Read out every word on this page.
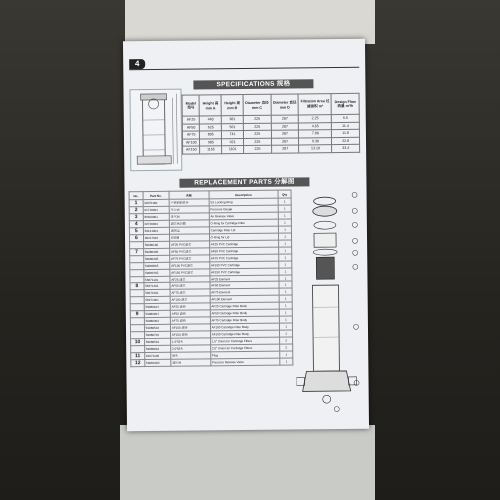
4
SPECIFICATIONS 规格
Model 型号	Height 高 mm A	Height 高 mm B	Diameter 直径 mm C	Diameter 直径 mm D	Filtration Area 过滤面积 m²	Design Flow 流量 m³/h
AF25	440	381	225	287	2.25	5.5
AF50	625	561	225	287	4.65	11.4
AF75	805	741	225	287	7.00	11.8
AF100	985	921	225	287	9.30	22.8
AF150	1165	1101	225	287	13.10	33.4
REPLACEMENT PARTS 分解图
No.	Part No.	名称	Description	Qty
1	59071001	不锈钢锁紧环	SS Locking Ring	1
2	01710004	压力表	Pressure Gauge	1
3	80810001	排气阀	Air Release Valve	1
4	02720004	滤芯密封圈	O-Ring for Cartridge Filter	1
5	59121001	滤筒盖	Cartridge Filter Lid	1
6	00217004	O型圈	O-Ring for Lid	1
	59080105	AF25 PVC滤芯	AF25 PVC Cartridge	1
7	59080305	AF50 PVC滤芯	AF50 PVC Cartridge	1
	59080405	AF75 PVC滤芯	AF75 PVC Cartridge	1
	59080505	AF100 PVC滤芯	AF100 PVC Cartridge	1
	59080705	AF150 PVC滤芯	AF150 PVC Cartridge	1
	58271101	AF25 滤芯	AF25 Element	1
8	58271401	AF50 滤芯	AF50 Element	1
	58271501	AF75 滤芯	AF75 Element	1
	58271301	AF100 滤芯	AF100 Element	1
	59080104	AF25 滤筒	AF25 Cartridge Filter Body	1
9	59080204	AF50 滤筒	AF50 Cartridge Filter Body	1
	59080304	AF75 滤筒	AF75 Cartridge Filter Body	1
	59080504	AF100 滤筒	AF100 Cartridge Filter Body	1
	59080704	AF150 滤筒	AF150 Cartridge Filter Body	1
10	59080501	1.5"接头	1.5" Union for Cartridge Filters	2
	59080601	2.0"接头	2.0" Union for Cartridge Filters	2
11	01071109	堵头	Plug	1
12	59080100	减压阀	Pressure Release Valve	1
